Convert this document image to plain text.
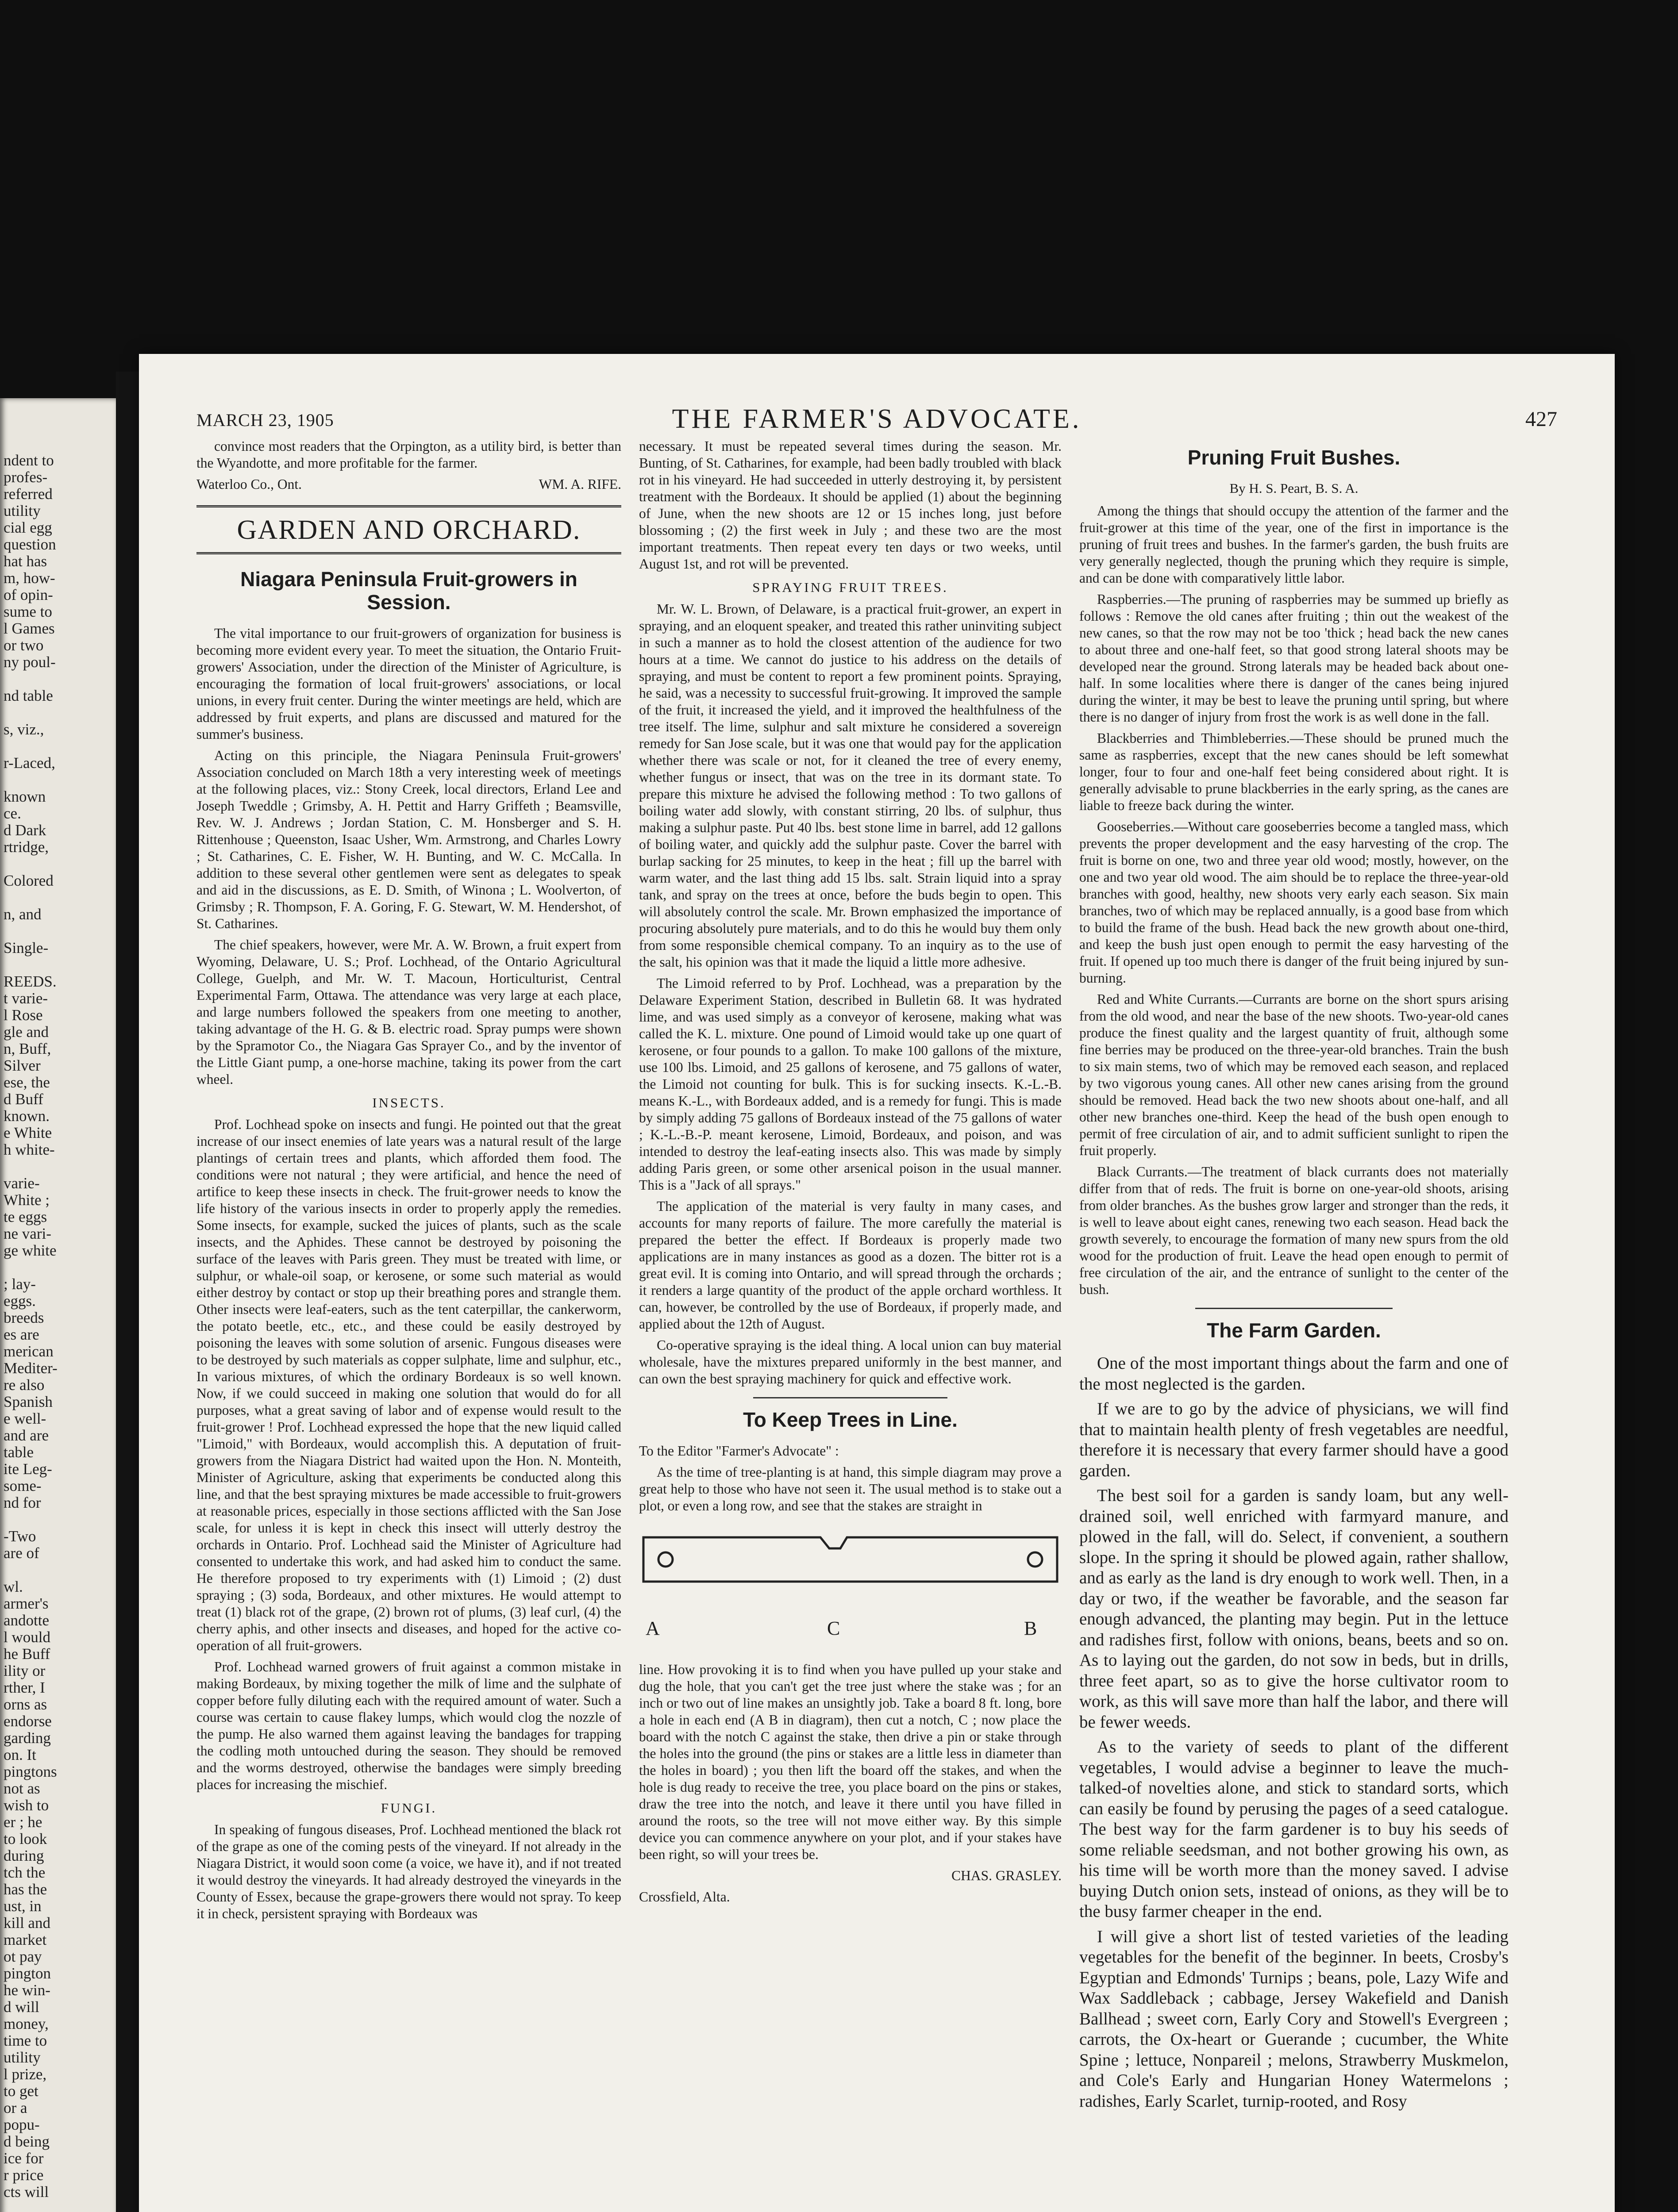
ndent to
profes-
referred
utility
cial egg
question
hat has
m, how-
of opin-
sume to
l Games
or two
ny poul-
nd table
s, viz.,
r-Laced,
known
ce.
d Dark
rtridge,
Colored
n, and
Single-
REEDS.
t varie-
l Rose
gle and
n, Buff,
Silver
ese, the
d Buff
known.
e White
h white-
varie-
White ;
te eggs
ne vari-
ge white
; lay-
eggs.
breeds
es are
merican
Mediter-
re also
Spanish
e well-
and are
table
ite Leg-
some-
nd for
-Two
are of
wl.
armer's
andotte
l would
he Buff
ility or
rther, I
orns as
endorse
garding
on. It
pingtons
not as
wish to
er ; he
to look
during
tch the
has the
ust, in
kill and
market
ot pay
pington
he win-
d will
money,
time to
utility
l prize,
to get
or a
popu-
d being
ice for
r price
cts will
MARCH 23, 1905	THE FARMER'S ADVOCATE.	427

convince most readers that the Orpington, as a utility bird, is better than the Wyandotte, and more profitable for the farmer.

Waterloo Co., Ont.	WM. A. RIFE.
GARDEN AND ORCHARD.
Niagara Peninsula Fruit-growers in Session.

The vital importance to our fruit-growers of organization for business is becoming more evident every year. To meet the situation, the Ontario Fruit-growers' Association, under the direction of the Minister of Agriculture, is encouraging the formation of local fruit-growers' associations, or local unions, in every fruit center. During the winter meetings are held, which are addressed by fruit experts, and plans are discussed and matured for the summer's business.

Acting on this principle, the Niagara Peninsula Fruit-growers' Association concluded on March 18th a very interesting week of meetings at the following places, viz.: Stony Creek, local directors, Erland Lee and Joseph Tweddle ; Grimsby, A. H. Pettit and Harry Griffeth ; Beamsville, Rev. W. J. Andrews ; Jordan Station, C. M. Honsberger and S. H. Rittenhouse ; Queenston, Isaac Usher, Wm. Armstrong, and Charles Lowry ; St. Catharines, C. E. Fisher, W. H. Bunting, and W. C. McCalla. In addition to these several other gentlemen were sent as delegates to speak and aid in the discussions, as E. D. Smith, of Winona ; L. Woolverton, of Grimsby ; R. Thompson, F. A. Goring, F. G. Stewart, W. M. Hendershot, of St. Catharines.

The chief speakers, however, were Mr. A. W. Brown, a fruit expert from Wyoming, Delaware, U. S.; Prof. Lochhead, of the Ontario Agricultural College, Guelph, and Mr. W. T. Macoun, Horticulturist, Central Experimental Farm, Ottawa. The attendance was very large at each place, and large numbers followed the speakers from one meeting to another, taking advantage of the H. G. & B. electric road. Spray pumps were shown by the Spramotor Co., the Niagara Gas Sprayer Co., and by the inventor of the Little Giant pump, a one-horse machine, taking its power from the cart wheel.

INSECTS.

Prof. Lochhead spoke on insects and fungi. He pointed out that the great increase of our insect enemies of late years was a natural result of the large plantings of certain trees and plants, which afforded them food. The conditions were not natural ; they were artificial, and hence the need of artifice to keep these insects in check. The fruit-grower needs to know the life history of the various insects in order to properly apply the remedies. Some insects, for example, sucked the juices of plants, such as the scale insects, and the Aphides. These cannot be destroyed by poisoning the surface of the leaves with Paris green. They must be treated with lime, or sulphur, or whale-oil soap, or kerosene, or some such material as would either destroy by contact or stop up their breathing pores and strangle them. Other insects were leaf-eaters, such as the tent caterpillar, the cankerworm, the potato beetle, etc., etc., and these could be easily destroyed by poisoning the leaves with some solution of arsenic. Fungous diseases were to be destroyed by such materials as copper sulphate, lime and sulphur, etc., In various mixtures, of which the ordinary Bordeaux is so well known. Now, if we could succeed in making one solution that would do for all purposes, what a great saving of labor and of expense would result to the fruit-grower ! Prof. Lochhead expressed the hope that the new liquid called "Limoid," with Bordeaux, would accomplish this. A deputation of fruit-growers from the Niagara District had waited upon the Hon. N. Monteith, Minister of Agriculture, asking that experiments be conducted along this line, and that the best spraying mixtures be made accessible to fruit-growers at reasonable prices, especially in those sections afflicted with the San Jose scale, for unless it is kept in check this insect will utterly destroy the orchards in Ontario. Prof. Lochhead said the Minister of Agriculture had consented to undertake this work, and had asked him to conduct the same. He therefore proposed to try experiments with (1) Limoid ; (2) dust spraying ; (3) soda, Bordeaux, and other mixtures. He would attempt to treat (1) black rot of the grape, (2) brown rot of plums, (3) leaf curl, (4) the cherry aphis, and other insects and diseases, and hoped for the active co-operation of all fruit-growers.

Prof. Lochhead warned growers of fruit against a common mistake in making Bordeaux, by mixing together the milk of lime and the sulphate of copper before fully diluting each with the required amount of water. Such a course was certain to cause flakey lumps, which would clog the nozzle of the pump. He also warned them against leaving the bandages for trapping the codling moth untouched during the season. They should be removed and the worms destroyed, otherwise the bandages were simply breeding places for increasing the mischief.

FUNGI.

In speaking of fungous diseases, Prof. Lochhead mentioned the black rot of the grape as one of the coming pests of the vineyard. If not already in the Niagara District, it would soon come (a voice, we have it), and if not treated it would destroy the vineyards. It had already destroyed the vineyards in the County of Essex, because the grape-growers there would not spray. To keep it in check, persistent spraying with Bordeaux was

necessary. It must be repeated several times during the season. Mr. Bunting, of St. Catharines, for example, had been badly troubled with black rot in his vineyard. He had succeeded in utterly destroying it, by persistent treatment with the Bordeaux. It should be applied (1) about the beginning of June, when the new shoots are 12 or 15 inches long, just before blossoming ; (2) the first week in July ; and these two are the most important treatments. Then repeat every ten days or two weeks, until August 1st, and rot will be prevented.

SPRAYING FRUIT TREES.

Mr. W. L. Brown, of Delaware, is a practical fruit-grower, an expert in spraying, and an eloquent speaker, and treated this rather uninviting subject in such a manner as to hold the closest attention of the audience for two hours at a time. We cannot do justice to his address on the details of spraying, and must be content to report a few prominent points. Spraying, he said, was a necessity to successful fruit-growing. It improved the sample of the fruit, it increased the yield, and it improved the healthfulness of the tree itself. The lime, sulphur and salt mixture he considered a sovereign remedy for San Jose scale, but it was one that would pay for the application whether there was scale or not, for it cleaned the tree of every enemy, whether fungus or insect, that was on the tree in its dormant state. To prepare this mixture he advised the following method : To two gallons of boiling water add slowly, with constant stirring, 20 lbs. of sulphur, thus making a sulphur paste. Put 40 lbs. best stone lime in barrel, add 12 gallons of boiling water, and quickly add the sulphur paste. Cover the barrel with burlap sacking for 25 minutes, to keep in the heat ; fill up the barrel with warm water, and the last thing add 15 lbs. salt. Strain liquid into a spray tank, and spray on the trees at once, before the buds begin to open. This will absolutely control the scale. Mr. Brown emphasized the importance of procuring absolutely pure materials, and to do this he would buy them only from some responsible chemical company. To an inquiry as to the use of the salt, his opinion was that it made the liquid a little more adhesive.

The Limoid referred to by Prof. Lochhead, was a preparation by the Delaware Experiment Station, described in Bulletin 68. It was hydrated lime, and was used simply as a conveyor of kerosene, making what was called the K. L. mixture. One pound of Limoid would take up one quart of kerosene, or four pounds to a gallon. To make 100 gallons of the mixture, use 100 lbs. Limoid, and 25 gallons of kerosene, and 75 gallons of water, the Limoid not counting for bulk. This is for sucking insects. K.-L.-B. means K.-L., with Bordeaux added, and is a remedy for fungi. This is made by simply adding 75 gallons of Bordeaux instead of the 75 gallons of water ; K.-L.-B.-P. meant kerosene, Limoid, Bordeaux, and poison, and was intended to destroy the leaf-eating insects also. This was made by simply adding Paris green, or some other arsenical poison in the usual manner. This is a "Jack of all sprays."

The application of the material is very faulty in many cases, and accounts for many reports of failure. The more carefully the material is prepared the better the effect. If Bordeaux is properly made two applications are in many instances as good as a dozen. The bitter rot is a great evil. It is coming into Ontario, and will spread through the orchards ; it renders a large quantity of the product of the apple orchard worthless. It can, however, be controlled by the use of Bordeaux, if properly made, and applied about the 12th of August.

Co-operative spraying is the ideal thing. A local union can buy material wholesale, have the mixtures prepared uniformly in the best manner, and can own the best spraying machinery for quick and effective work.

To Keep Trees in Line.

To the Editor "Farmer's Advocate" :

As the time of tree-planting is at hand, this simple diagram may prove a great help to those who have not seen it. The usual method is to stake out a plot, or even a long row, and see that the stakes are straight in

A	C	B

line. How provoking it is to find when you have pulled up your stake and dug the hole, that you can't get the tree just where the stake was ; for an inch or two out of line makes an unsightly job. Take a board 8 ft. long, bore a hole in each end (A B in diagram), then cut a notch, C ; now place the board with the notch C against the stake, then drive a pin or stake through the holes into the ground (the pins or stakes are a little less in diameter than the holes in board) ; you then lift the board off the stakes, and when the hole is dug ready to receive the tree, you place board on the pins or stakes, draw the tree into the notch, and leave it there until you have filled in around the roots, so the tree will not move either way. By this simple device you can commence anywhere on your plot, and if your stakes have been right, so will your trees be.

CHAS. GRASLEY.

Crossfield, Alta.

Pruning Fruit Bushes.
By H. S. Peart, B. S. A.

Among the things that should occupy the attention of the farmer and the fruit-grower at this time of the year, one of the first in importance is the pruning of fruit trees and bushes. In the farmer's garden, the bush fruits are very generally neglected, though the pruning which they require is simple, and can be done with comparatively little labor.

Raspberries.—The pruning of raspberries may be summed up briefly as follows : Remove the old canes after fruiting ; thin out the weakest of the new canes, so that the row may not be too 'thick ; head back the new canes to about three and one-half feet, so that good strong lateral shoots may be developed near the ground. Strong laterals may be headed back about one-half. In some localities where there is danger of the canes being injured during the winter, it may be best to leave the pruning until spring, but where there is no danger of injury from frost the work is as well done in the fall.

Blackberries and Thimbleberries.—These should be pruned much the same as raspberries, except that the new canes should be left somewhat longer, four to four and one-half feet being considered about right. It is generally advisable to prune blackberries in the early spring, as the canes are liable to freeze back during the winter.

Gooseberries.—Without care gooseberries become a tangled mass, which prevents the proper development and the easy harvesting of the crop. The fruit is borne on one, two and three year old wood; mostly, however, on the one and two year old wood. The aim should be to replace the three-year-old branches with good, healthy, new shoots very early each season. Six main branches, two of which may be replaced annually, is a good base from which to build the frame of the bush. Head back the new growth about one-third, and keep the bush just open enough to permit the easy harvesting of the fruit. If opened up too much there is danger of the fruit being injured by sun-burning.

Red and White Currants.—Currants are borne on the short spurs arising from the old wood, and near the base of the new shoots. Two-year-old canes produce the finest quality and the largest quantity of fruit, although some fine berries may be produced on the three-year-old branches. Train the bush to six main stems, two of which may be removed each season, and replaced by two vigorous young canes. All other new canes arising from the ground should be removed. Head back the two new shoots about one-half, and all other new branches one-third. Keep the head of the bush open enough to permit of free circulation of air, and to admit sufficient sunlight to ripen the fruit properly.

Black Currants.—The treatment of black currants does not materially differ from that of reds. The fruit is borne on one-year-old shoots, arising from older branches. As the bushes grow larger and stronger than the reds, it is well to leave about eight canes, renewing two each season. Head back the growth severely, to encourage the formation of many new spurs from the old wood for the production of fruit. Leave the head open enough to permit of free circulation of the air, and the entrance of sunlight to the center of the bush.

The Farm Garden.

One of the most important things about the farm and one of the most neglected is the garden.

If we are to go by the advice of physicians, we will find that to maintain health plenty of fresh vegetables are needful, therefore it is necessary that every farmer should have a good garden.

The best soil for a garden is sandy loam, but any well-drained soil, well enriched with farmyard manure, and plowed in the fall, will do. Select, if convenient, a southern slope. In the spring it should be plowed again, rather shallow, and as early as the land is dry enough to work well. Then, in a day or two, if the weather be favorable, and the season far enough advanced, the planting may begin. Put in the lettuce and radishes first, follow with onions, beans, beets and so on. As to laying out the garden, do not sow in beds, but in drills, three feet apart, so as to give the horse cultivator room to work, as this will save more than half the labor, and there will be fewer weeds.

As to the variety of seeds to plant of the different vegetables, I would advise a beginner to leave the much-talked-of novelties alone, and stick to standard sorts, which can easily be found by perusing the pages of a seed catalogue. The best way for the farm gardener is to buy his seeds of some reliable seedsman, and not bother growing his own, as his time will be worth more than the money saved. I advise buying Dutch onion sets, instead of onions, as they will be to the busy farmer cheaper in the end.

I will give a short list of tested varieties of the leading vegetables for the benefit of the beginner. In beets, Crosby's Egyptian and Edmonds' Turnips ; beans, pole, Lazy Wife and Wax Saddleback ; cabbage, Jersey Wakefield and Danish Ballhead ; sweet corn, Early Cory and Stowell's Evergreen ; carrots, the Ox-heart or Guerande ; cucumber, the White Spine ; lettuce, Nonpareil ; melons, Strawberry Muskmelon, and Cole's Early and Hungarian Honey Watermelons ; radishes, Early Scarlet, turnip-rooted, and Rosy
